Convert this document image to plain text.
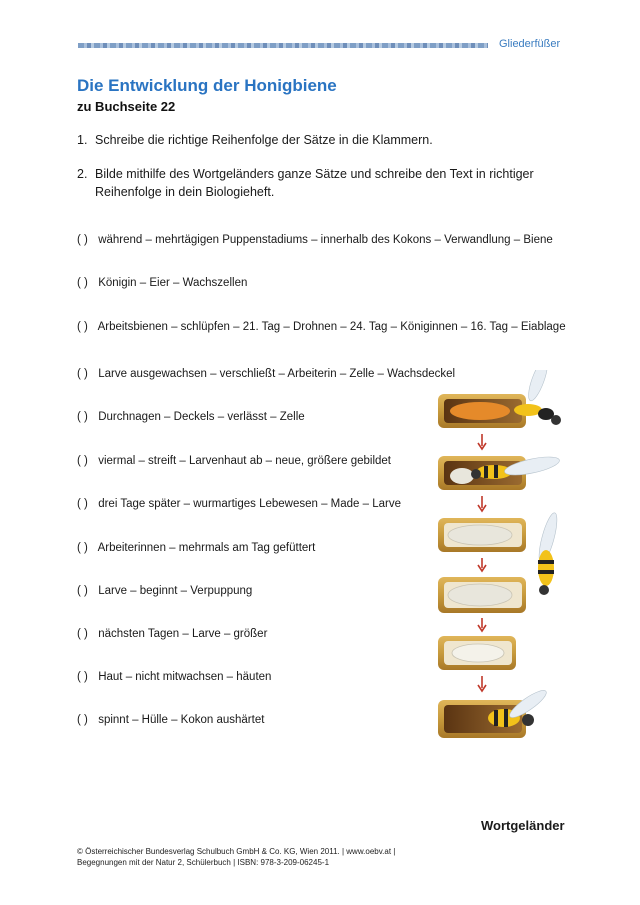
Gliederfüßer
Die Entwicklung der Honigbiene
zu Buchseite 22
1. Schreibe die richtige Reihenfolge der Sätze in die Klammern.
2. Bilde mithilfe des Wortgeländers ganze Sätze und schreibe den Text in richtiger Reihenfolge in dein Biologieheft.
( ) während – mehrtägigen Puppenstadiums – innerhalb des Kokons – Verwandlung – Biene
( ) Königin – Eier – Wachszellen
( ) Arbeitsbienen – schlüpfen – 21. Tag – Drohnen – 24. Tag – Königinnen – 16. Tag – Eiablage
( ) Larve ausgewachsen – verschließt – Arbeiterin – Zelle – Wachsdeckel
( ) Durchnagen – Deckels – verlässt – Zelle
( ) viermal – streift – Larvenhaut ab – neue, größere gebildet
( ) drei Tage später – wurmartiges Lebewesen – Made – Larve
( ) Arbeiterinnen – mehrmals am Tag gefüttert
( ) Larve – beginnt – Verpuppung
( ) nächsten Tagen – Larve – größer
( ) Haut – nicht mitwachsen – häuten
( ) spinnt – Hülle – Kokon aushärtet
Wortgeländer
© Österreichischer Bundesverlag Schulbuch GmbH & Co. KG, Wien 2011. | www.oebv.at |
Begegnungen mit der Natur 2, Schülerbuch | ISBN: 978-3-209-06245-1
